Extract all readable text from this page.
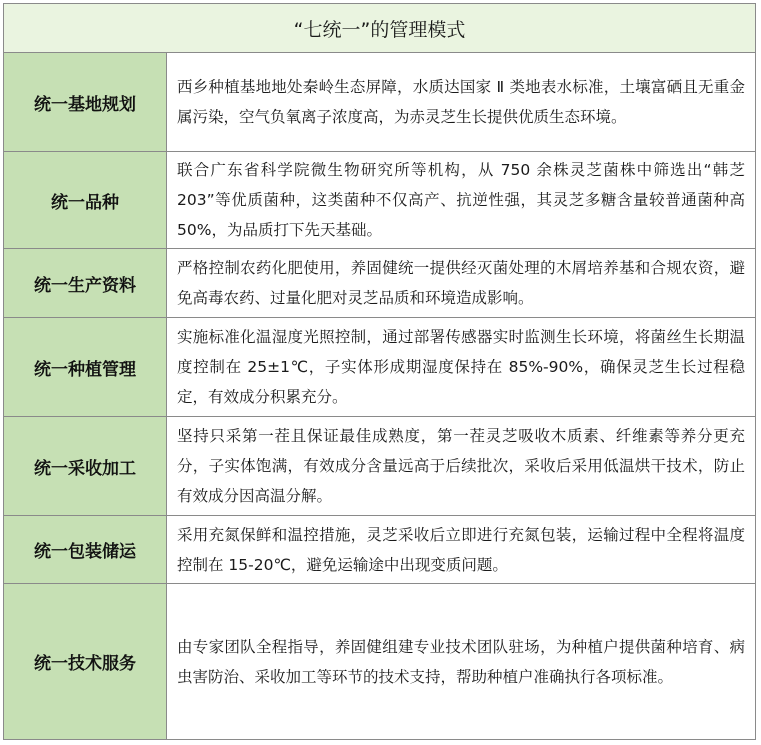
“七统一”的管理模式
统一基地规划
西乡种植基地地处秦岭生态屏障，水质达国家 Ⅱ 类地表水标准，土壤富硒且无重金属污染，空气负氧离子浓度高，为赤灵芝生长提供优质生态环境。
统一品种
联合广东省科学院微生物研究所等机构，从 750 余株灵芝菌株中筛选出“韩芝 203”等优质菌种，这类菌种不仅高产、抗逆性强，其灵芝多糖含量较普通菌种高 50%，为品质打下先天基础。
统一生产资料
严格控制农药化肥使用，养固健统一提供经灭菌处理的木屑培养基和合规农资，避免高毒农药、过量化肥对灵芝品质和环境造成影响。
统一种植管理
实施标准化温湿度光照控制，通过部署传感器实时监测生长环境，将菌丝生长期温度控制在 25±1℃，子实体形成期湿度保持在 85%-90%，确保灵芝生长过程稳定，有效成分积累充分。
统一采收加工
坚持只采第一茬且保证最佳成熟度，第一茬灵芝吸收木质素、纤维素等养分更充分，子实体饱满，有效成分含量远高于后续批次，采收后采用低温烘干技术，防止有效成分因高温分解。
统一包装储运
采用充氮保鲜和温控措施，灵芝采收后立即进行充氮包装，运输过程中全程将温度控制在 15-20℃，避免运输途中出现变质问题。
统一技术服务
由专家团队全程指导，养固健组建专业技术团队驻场，为种植户提供菌种培育、病虫害防治、采收加工等环节的技术支持，帮助种植户准确执行各项标准。
